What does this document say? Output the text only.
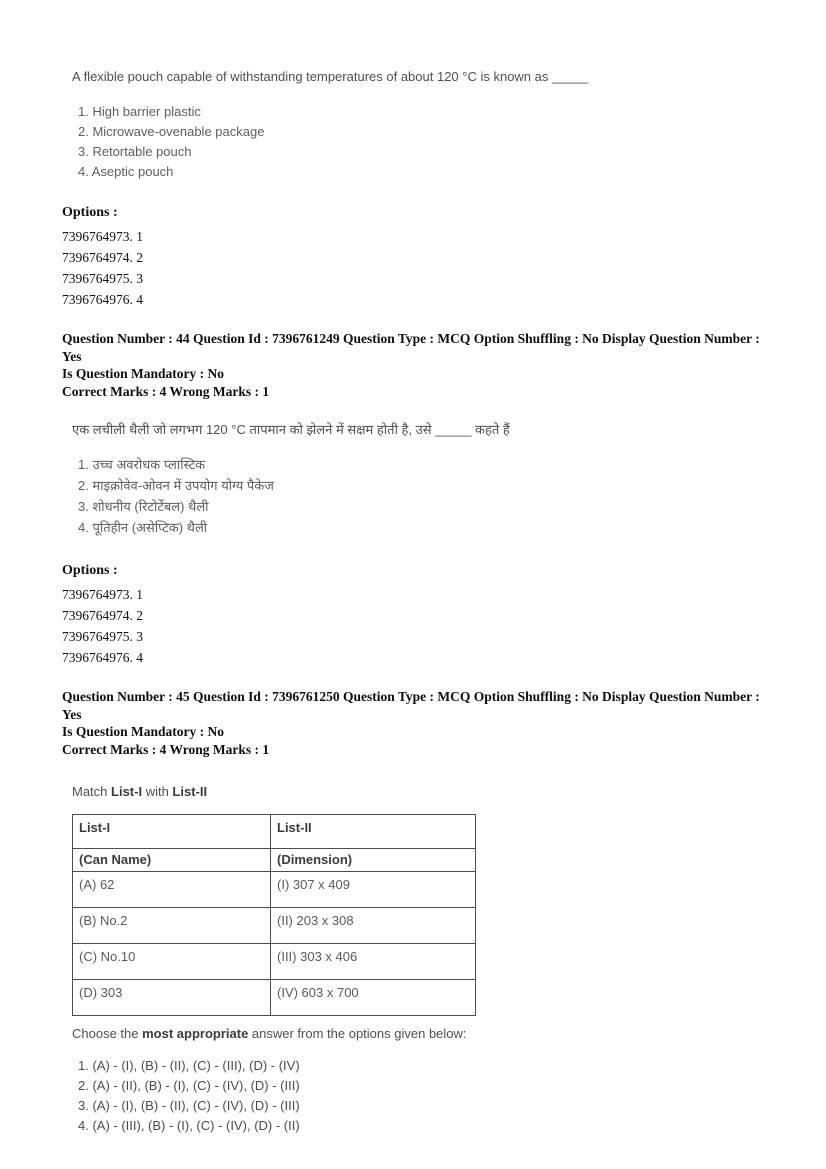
A flexible pouch capable of withstanding temperatures of about 120 °C is known as _____

1. High barrier plastic
2. Microwave-ovenable package
3. Retortable pouch
4. Aseptic pouch

Options :

7396764973. 1
7396764974. 2
7396764975. 3
7396764976. 4
Question Number : 44 Question Id : 7396761249 Question Type : MCQ Option Shuffling : No Display Question Number : Yes
Is Question Mandatory : No
Correct Marks : 4 Wrong Marks : 1

एक लचीली थैली जो लगभग 120 °C तापमान को झेलने में सक्षम होती है, उसे _____ कहते हैं

1. उच्च अवरोधक प्लास्टिक
2. माइक्रोवेव-ओवन में उपयोग योग्य पैकेज
3. शोधनीय (रिटोर्टेबल) थैली
4. पूतिहीन (असेप्टिक) थैली

Options :

7396764973. 1
7396764974. 2
7396764975. 3
7396764976. 4
Question Number : 45 Question Id : 7396761250 Question Type : MCQ Option Shuffling : No Display Question Number : Yes
Is Question Mandatory : No
Correct Marks : 4 Wrong Marks : 1

Match List-I with List-II

List-I	List-II
(Can Name)	(Dimension)
(A) 62	(I) 307 x 409
(B) No.2	(II) 203 x 308
(C) No.10	(III) 303 x 406
(D) 303	(IV) 603 x 700

Choose the most appropriate answer from the options given below:

1. (A) - (I), (B) - (II), (C) - (III), (D) - (IV)
2. (A) - (II), (B) - (I), (C) - (IV), (D) - (III)
3. (A) - (I), (B) - (II), (C) - (IV), (D) - (III)
4. (A) - (III), (B) - (I), (C) - (IV), (D) - (II)
